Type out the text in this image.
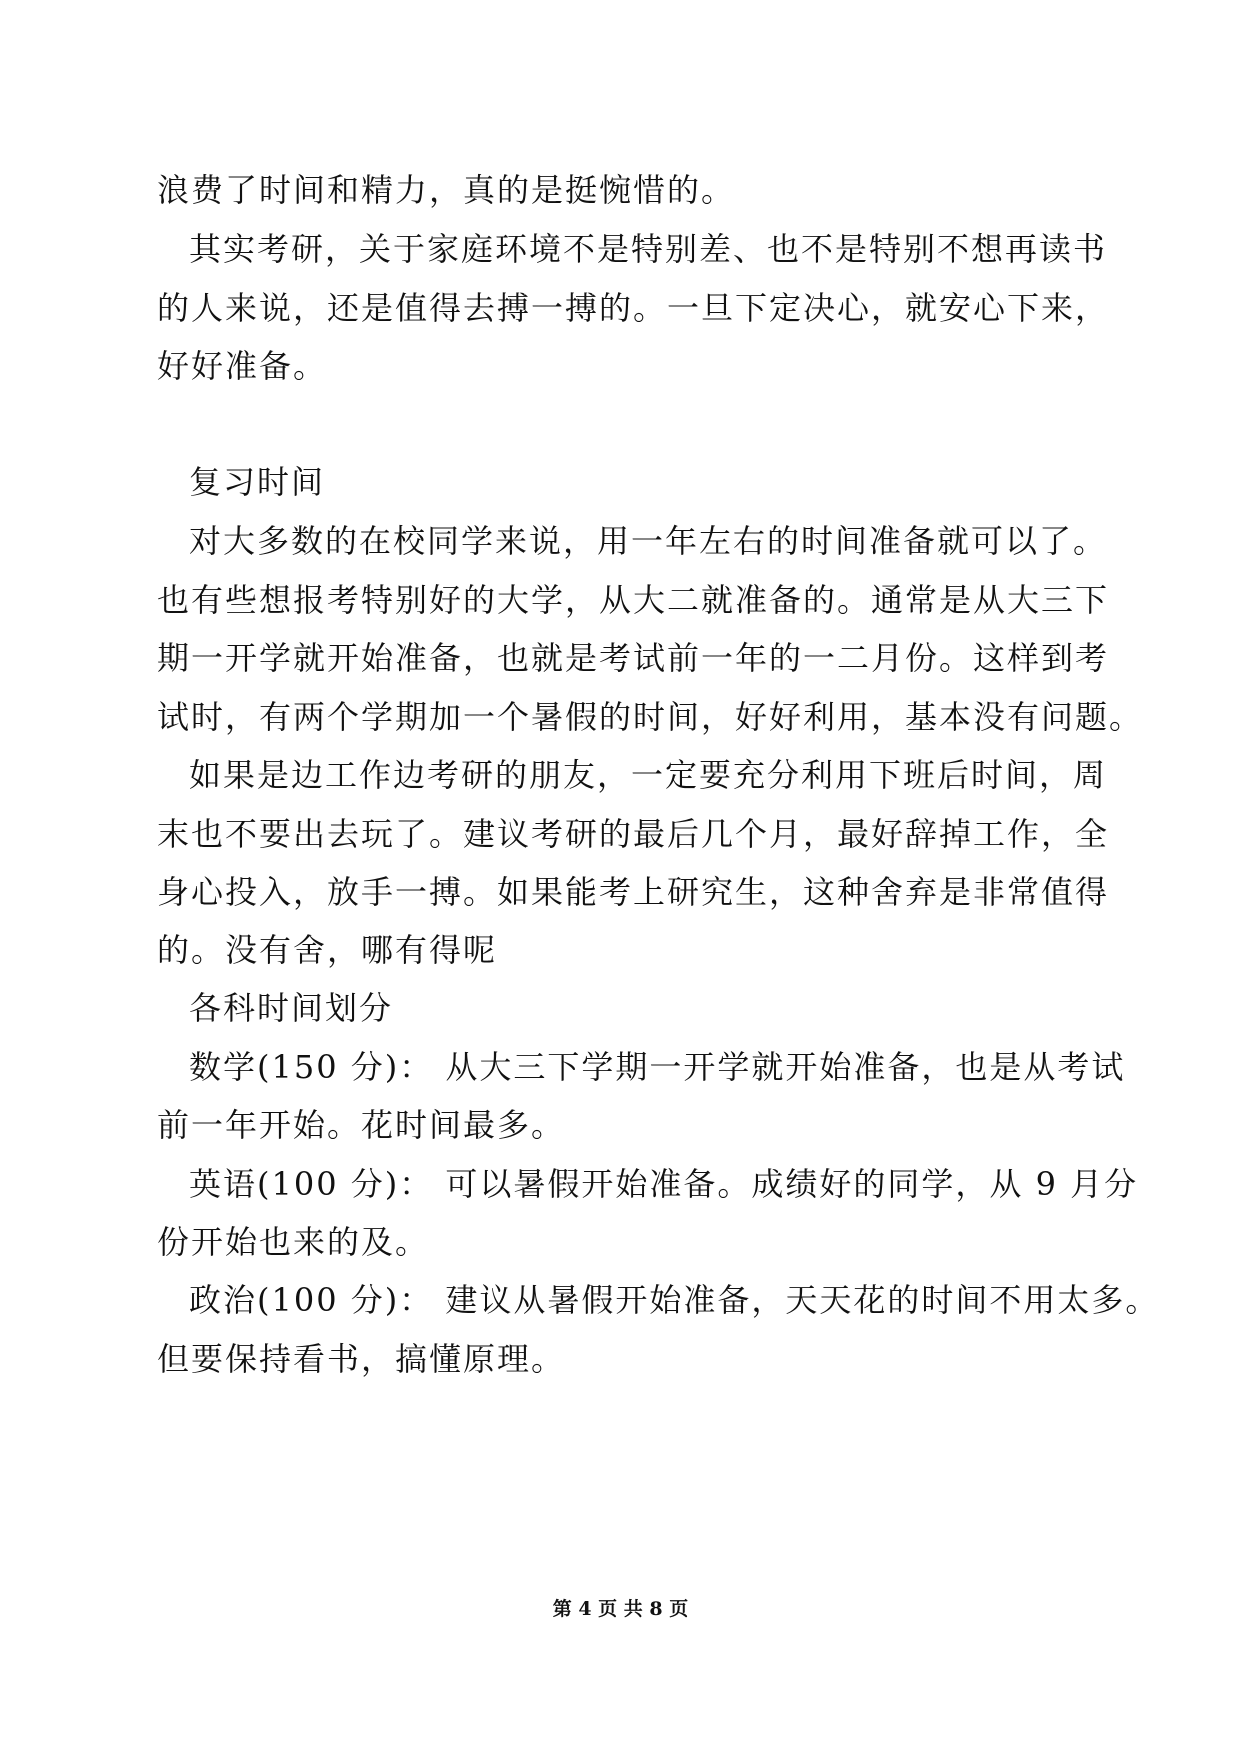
浪费了时间和精力，真的是挺惋惜的。
其实考研，关于家庭环境不是特别差、也不是特别不想再读书
的人来说，还是值得去搏一搏的。一旦下定决心，就安心下来，
好好准备。
复习时间
对大多数的在校同学来说，用一年左右的时间准备就可以了。
也有些想报考特别好的大学，从大二就准备的。通常是从大三下
期一开学就开始准备，也就是考试前一年的一二月份。这样到考
试时，有两个学期加一个暑假的时间，好好利用，基本没有问题。
如果是边工作边考研的朋友，一定要充分利用下班后时间，周
末也不要出去玩了。建议考研的最后几个月，最好辞掉工作，全
身心投入，放手一搏。如果能考上研究生，这种舍弃是非常值得
的。没有舍，哪有得呢
各科时间划分
数学(150 分)： 从大三下学期一开学就开始准备，也是从考试
前一年开始。花时间最多。
英语(100 分)： 可以暑假开始准备。成绩好的同学，从 9 月分
份开始也来的及。
政治(100 分)： 建议从暑假开始准备，天天花的时间不用太多。
但要保持看书，搞懂原理。
第 4 页 共 8 页
